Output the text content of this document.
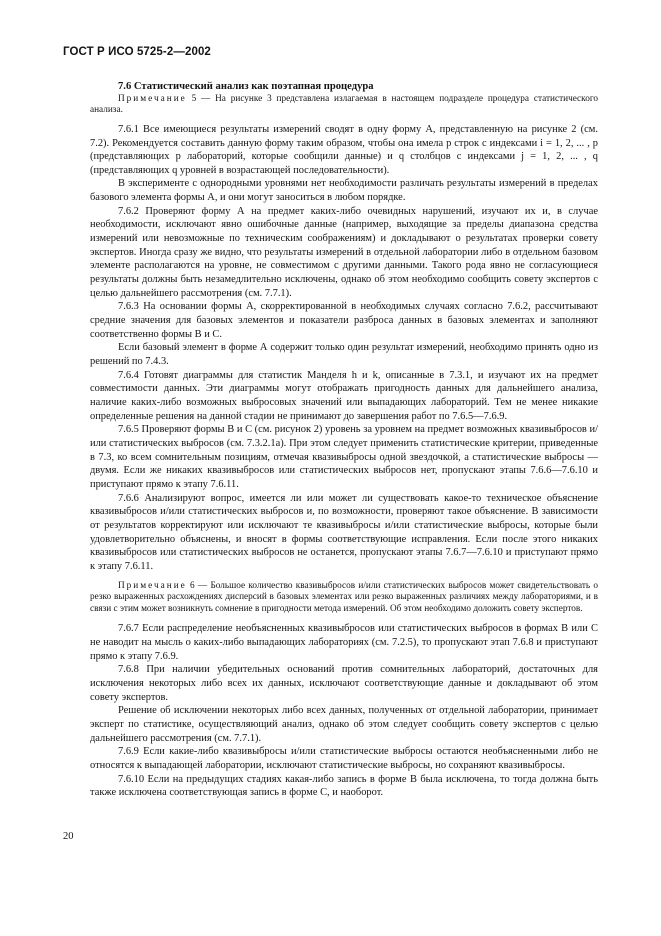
ГОСТ Р ИСО 5725-2—2002

7.6 Статистический анализ как поэтапная процедура

Примечание 5 — На рисунке 3 представлена излагаемая в настоящем подразделе процедура статистического анализа.

7.6.1 Все имеющиеся результаты измерений сводят в одну форму А, представленную на рисунке 2 (см. 7.2). Рекомендуется составить данную форму таким образом, чтобы она имела p строк с индексами i = 1, 2, ... , p (представляющих p лабораторий, которые сообщили данные) и q столбцов с индексами j = 1, 2, ... , q (представляющих q уровней в возрастающей последовательности).

В эксперименте с однородными уровнями нет необходимости различать результаты измерений в пределах базового элемента формы А, и они могут заноситься в любом порядке.

7.6.2 Проверяют форму А на предмет каких-либо очевидных нарушений, изучают их и, в случае необходимости, исключают явно ошибочные данные (например, выходящие за пределы диапазона средства измерений или невозможные по техническим соображениям) и докладывают о результатах проверки совету экспертов. Иногда сразу же видно, что результаты измерений в отдельной лаборатории либо в отдельном базовом элементе располагаются на уровне, не совместимом с другими данными. Такого рода явно не согласующиеся результаты должны быть незамедлительно исключены, однако об этом необходимо сообщить совету экспертов с целью дальнейшего рассмотрения (см. 7.7.1).

7.6.3 На основании формы А, скорректированной в необходимых случаях согласно 7.6.2, рассчитывают средние значения для базовых элементов и показатели разброса данных в базовых элементах и заполняют соответственно формы В и С.

Если базовый элемент в форме А содержит только один результат измерений, необходимо принять одно из решений по 7.4.3.

7.6.4 Готовят диаграммы для статистик Манделя h и k, описанные в 7.3.1, и изучают их на предмет совместимости данных. Эти диаграммы могут отображать пригодность данных для дальнейшего анализа, наличие каких-либо возможных выбросовых значений или выпадающих лабораторий. Тем не менее никакие определенные решения на данной стадии не принимают до завершения работ по 7.6.5—7.6.9.

7.6.5 Проверяют формы В и С (см. рисунок 2) уровень за уровнем на предмет возможных квазивыбросов и/или статистических выбросов (см. 7.3.2.1а). При этом следует применить статистические критерии, приведенные в 7.3, ко всем сомнительным позициям, отмечая квазивыбросы одной звездочкой, а статистические выбросы — двумя. Если же никаких квазивыбросов или статистических выбросов нет, пропускают этапы 7.6.6—7.6.10 и приступают прямо к этапу 7.6.11.

7.6.6 Анализируют вопрос, имеется ли или может ли существовать какое-то техническое объяснение квазивыбросов и/или статистических выбросов и, по возможности, проверяют такое объяснение. В зависимости от результатов корректируют или исключают те квазивыбросы и/или статистические выбросы, которые были удовлетворительно объяснены, и вносят в формы соответствующие исправления. Если после этого никаких квазивыбросов или статистических выбросов не останется, пропускают этапы 7.6.7—7.6.10 и приступают прямо к этапу 7.6.11.

Примечание 6 — Большое количество квазивыбросов и/или статистических выбросов может свидетельствовать о резко выраженных расхождениях дисперсий в базовых элементах или резко выраженных различиях между лабораториями, и в связи с этим может возникнуть сомнение в пригодности метода измерений. Об этом необходимо доложить совету экспертов.

7.6.7 Если распределение необъясненных квазивыбросов или статистических выбросов в формах В или С не наводит на мысль о каких-либо выпадающих лабораториях (см. 7.2.5), то пропускают этап 7.6.8 и приступают прямо к этапу 7.6.9.

7.6.8 При наличии убедительных оснований против сомнительных лабораторий, достаточных для исключения некоторых либо всех их данных, исключают соответствующие данные и докладывают об этом совету экспертов.

Решение об исключении некоторых либо всех данных, полученных от отдельной лаборатории, принимает эксперт по статистике, осуществляющий анализ, однако об этом следует сообщить совету экспертов с целью дальнейшего рассмотрения (см. 7.7.1).

7.6.9 Если какие-либо квазивыбросы и/или статистические выбросы остаются необъясненными либо не относятся к выпадающей лаборатории, исключают статистические выбросы, но сохраняют квазивыбросы.

7.6.10 Если на предыдущих стадиях какая-либо запись в форме В была исключена, то тогда должна быть также исключена соответствующая запись в форме С, и наоборот.

20
